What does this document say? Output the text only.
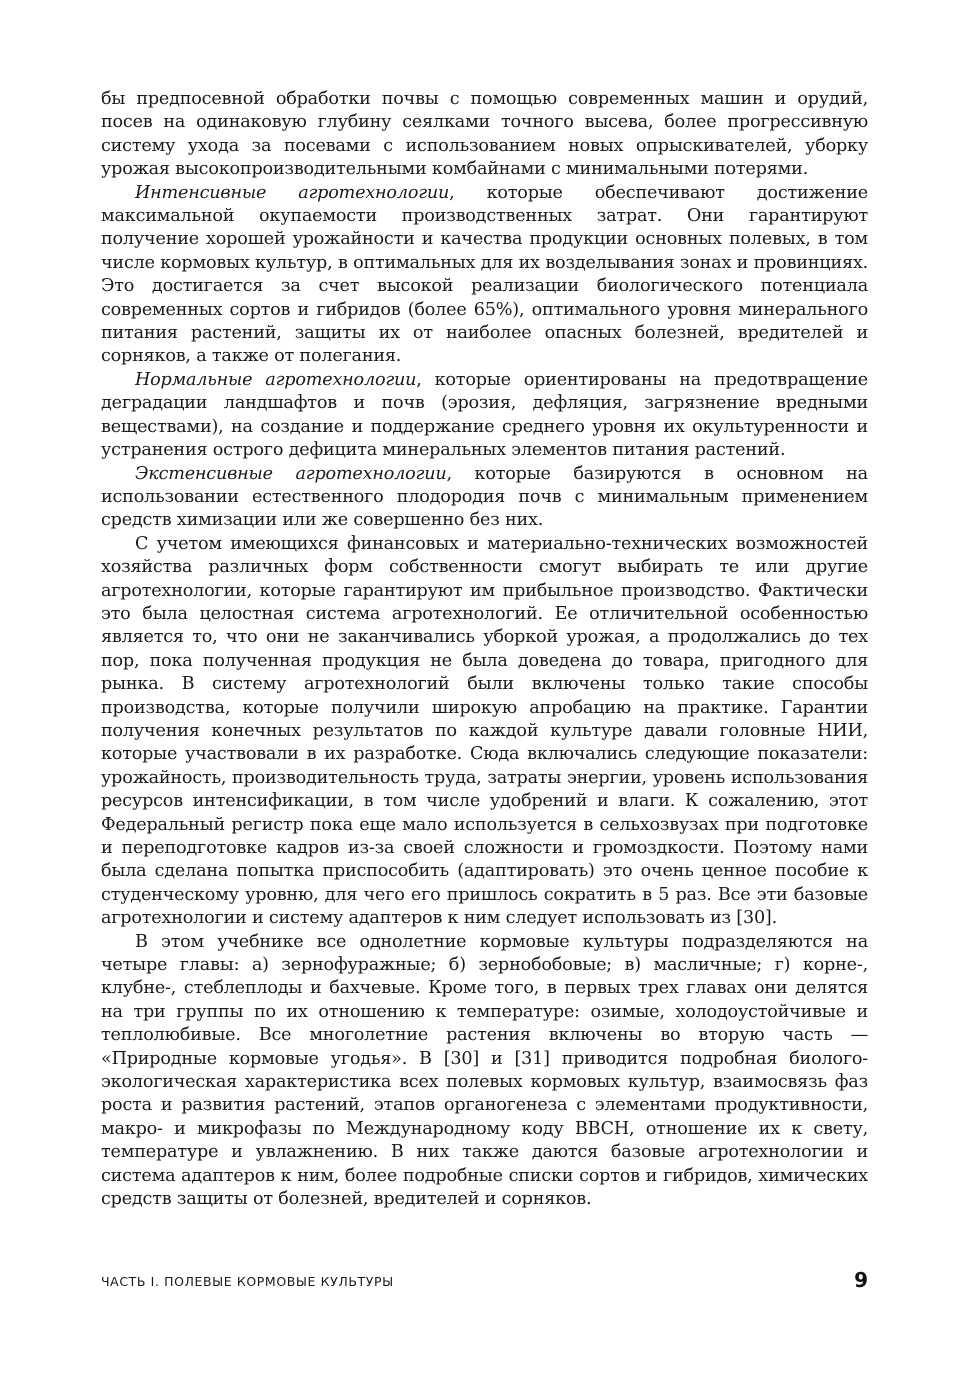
бы предпосевной обработки почвы с помощью современных машин и орудий, посев на одинаковую глубину сеялками точного высева, более прогрессивную систему ухода за посевами с использованием новых опрыскивателей, уборку урожая высокопроизводительными комбайнами с минимальными потерями.

Интенсивные агротехнологии, которые обеспечивают достижение максимальной окупаемости производственных затрат. Они гарантируют получение хорошей урожайности и качества продукции основных полевых, в том числе кормовых культур, в оптимальных для их возделывания зонах и провинциях. Это достигается за счет высокой реализации биологического потенциала современных сортов и гибридов (более 65%), оптимального уровня минерального питания растений, защиты их от наиболее опасных болезней, вредителей и сорняков, а также от полегания.

Нормальные агротехнологии, которые ориентированы на предотвращение деградации ландшафтов и почв (эрозия, дефляция, загрязнение вредными веществами), на создание и поддержание среднего уровня их окультуренности и устранения острого дефицита минеральных элементов питания растений.

Экстенсивные агротехнологии, которые базируются в основном на использовании естественного плодородия почв с минимальным применением средств химизации или же совершенно без них.

С учетом имеющихся финансовых и материально-технических возможностей хозяйства различных форм собственности смогут выбирать те или другие агротехнологии, которые гарантируют им прибыльное производство. Фактически это была целостная система агротехнологий. Ее отличительной особенностью является то, что они не заканчивались уборкой урожая, а продолжались до тех пор, пока полученная продукция не была доведена до товара, пригодного для рынка. В систему агротехнологий были включены только такие способы производства, которые получили широкую апробацию на практике. Гарантии получения конечных результатов по каждой культуре давали головные НИИ, которые участвовали в их разработке. Сюда включались следующие показатели: урожайность, производительность труда, затраты энергии, уровень использования ресурсов интенсификации, в том числе удобрений и влаги. К сожалению, этот Федеральный регистр пока еще мало используется в сельхозвузах при подготовке и переподготовке кадров из-за своей сложности и громоздкости. Поэтому нами была сделана попытка приспособить (адаптировать) это очень ценное пособие к студенческому уровню, для чего его пришлось сократить в 5 раз. Все эти базовые агротехнологии и систему адаптеров к ним следует использовать из [30].

В этом учебнике все однолетние кормовые культуры подразделяются на четыре главы: а) зернофуражные; б) зернобобовые; в) масличные; г) корне-, клубне-, стеблеплоды и бахчевые. Кроме того, в первых трех главах они делятся на три группы по их отношению к температуре: озимые, холодоустойчивые и теплолюбивые. Все многолетние растения включены во вторую часть — «Природные кормовые угодья». В [30] и [31] приводится подробная биолого-экологическая характеристика всех полевых кормовых культур, взаимосвязь фаз роста и развития растений, этапов органогенеза с элементами продуктивности, макро- и микрофазы по Международному коду BBCH, отношение их к свету, температуре и увлажнению. В них также даются базовые агротехнологии и система адаптеров к ним, более подробные списки сортов и гибридов, химических средств защиты от болезней, вредителей и сорняков.

ЧАСТЬ I. ПОЛЕВЫЕ КОРМОВЫЕ КУЛЬТУРЫ	9
